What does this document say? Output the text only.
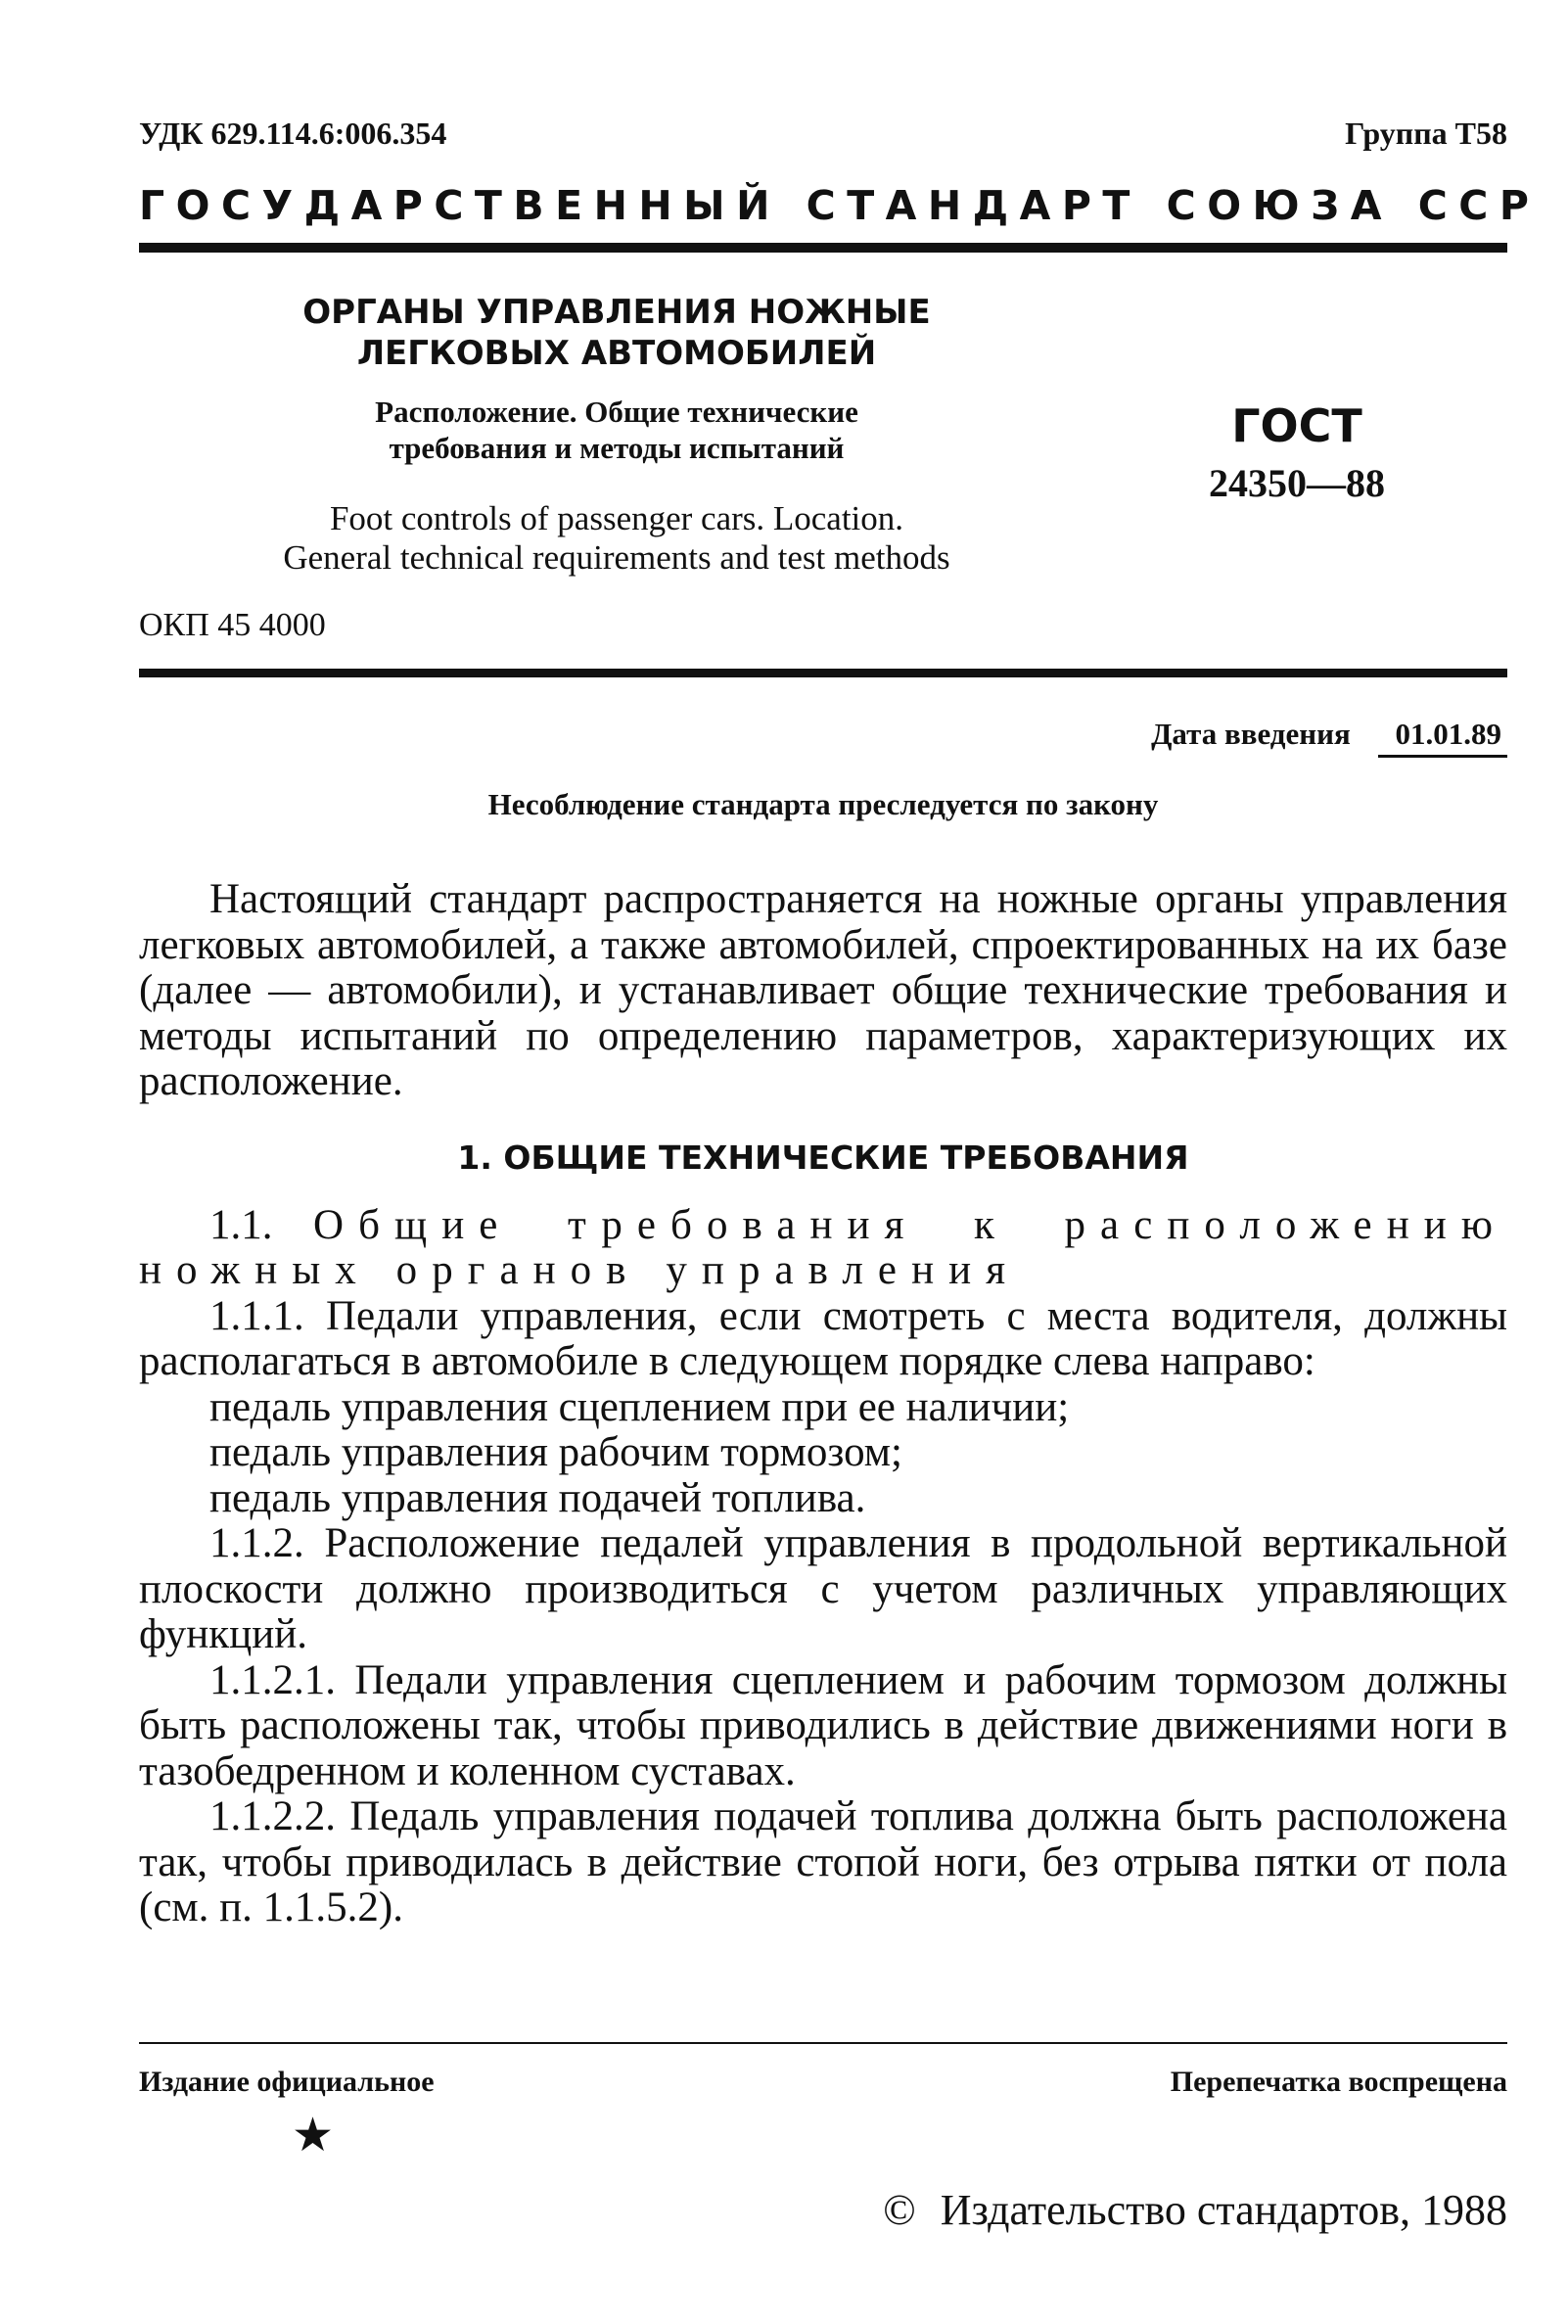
УДК 629.114.6:006.354	Группа Т58
ГОСУДАРСТВЕННЫЙ СТАНДАРТ СОЮЗА ССР
ОРГАНЫ УПРАВЛЕНИЯ НОЖНЫЕ
ЛЕГКОВЫХ АВТОМОБИЛЕЙ
Расположение. Общие технические
требования и методы испытаний
Foot controls of passenger cars. Location.
General technical requirements and test methods
ГОСТ
24350—88
ОКП 45 4000
Дата введения 01.01.89
Несоблюдение стандарта преследуется по закону

Настоящий стандарт распространяется на ножные органы управления легковых автомобилей, а также автомобилей, спроектированных на их базе (далее — автомобили), и устанавливает общие технические требования и методы испытаний по определению параметров, характеризующих их расположение.

1. ОБЩИЕ ТЕХНИЧЕСКИЕ ТРЕБОВАНИЯ

1.1. Общие требования к расположению ножных органов управления

1.1.1. Педали управления, если смотреть с места водителя, должны располагаться в автомобиле в следующем порядке слева направо:

педаль управления сцеплением при ее наличии;
педаль управления рабочим тормозом;
педаль управления подачей топлива.

1.1.2. Расположение педалей управления в продольной вертикальной плоскости должно производиться с учетом различных управляющих функций.

1.1.2.1. Педали управления сцеплением и рабочим тормозом должны быть расположены так, чтобы приводились в действие движениями ноги в тазобедренном и коленном суставах.

1.1.2.2. Педаль управления подачей топлива должна быть расположена так, чтобы приводилась в действие стопой ноги, без отрыва пятки от пола (см. п. 1.1.5.2).

Издание официальное	Перепечатка воспрещена
★
© Издательство стандартов, 1988
